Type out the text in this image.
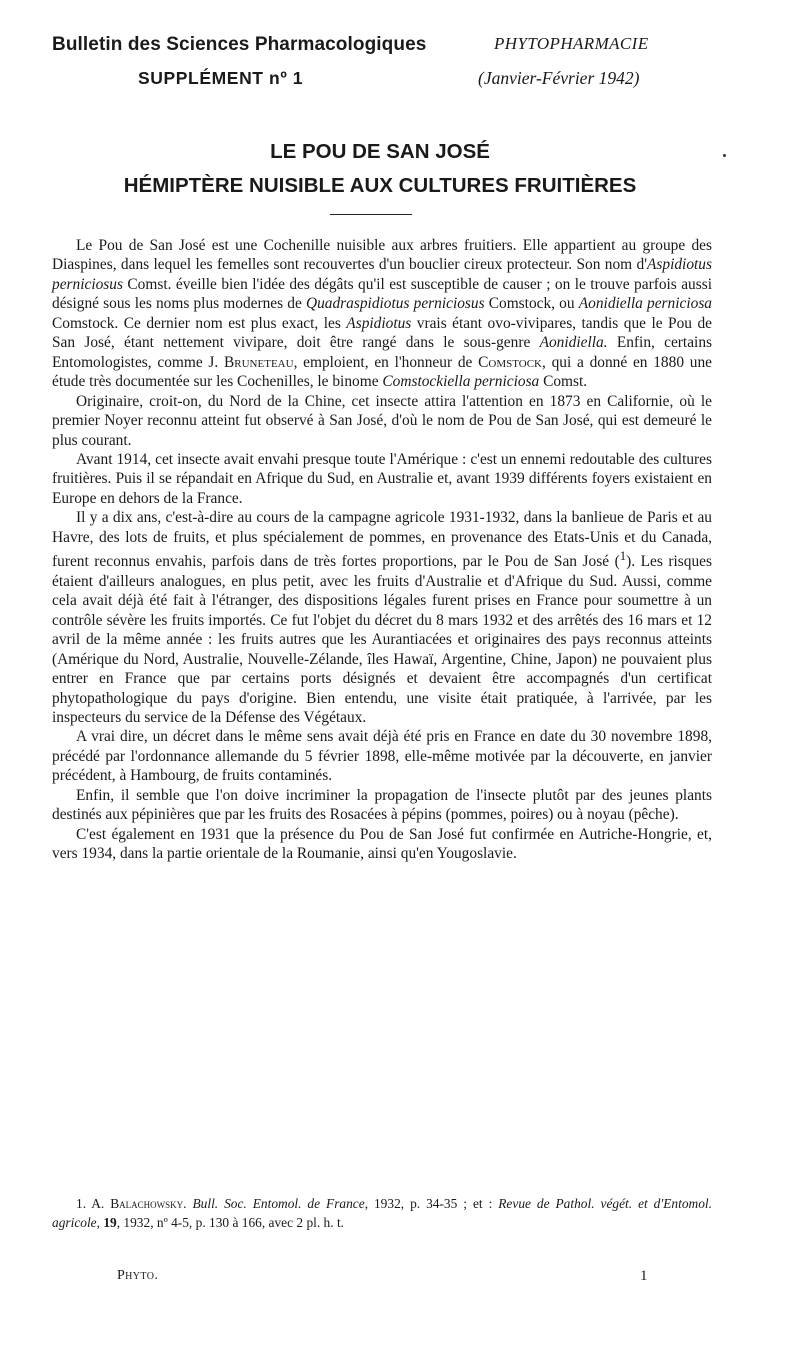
Bulletin des Sciences Pharmacologiques
SUPPLÉMENT nº 1
PHYTOPHARMACIE
(Janvier-Février 1942)
LE POU DE SAN JOSÉ
HÉMIPTÈRE NUISIBLE AUX CULTURES FRUITIÈRES

Le Pou de San José est une Cochenille nuisible aux arbres fruitiers. Elle appartient au groupe des Diaspines, dans lequel les femelles sont recouvertes d'un bouclier cireux protecteur. Son nom d'Aspidiotus perniciosus Comst. éveille bien l'idée des dégâts qu'il est susceptible de causer ; on le trouve parfois aussi désigné sous les noms plus modernes de Quadraspidiotus perniciosus Comstock, ou Aonidiella perniciosa Comstock. Ce dernier nom est plus exact, les Aspidiotus vrais étant ovo-vivipares, tandis que le Pou de San José, étant nettement vivipare, doit être rangé dans le sous-genre Aonidiella. Enfin, certains Entomologistes, comme J. Bruneteau, emploient, en l'honneur de Comstock, qui a donné en 1880 une étude très documentée sur les Cochenilles, le binome Comstockiella perniciosa Comst.

Originaire, croit-on, du Nord de la Chine, cet insecte attira l'attention en 1873 en Californie, où le premier Noyer reconnu atteint fut observé à San José, d'où le nom de Pou de San José, qui est demeuré le plus courant.

Avant 1914, cet insecte avait envahi presque toute l'Amérique : c'est un ennemi redoutable des cultures fruitières. Puis il se répandait en Afrique du Sud, en Australie et, avant 1939 différents foyers existaient en Europe en dehors de la France.

Il y a dix ans, c'est-à-dire au cours de la campagne agricole 1931-1932, dans la banlieue de Paris et au Havre, des lots de fruits, et plus spécialement de pommes, en provenance des Etats-Unis et du Canada, furent reconnus envahis, parfois dans de très fortes proportions, par le Pou de San José ($^1$). Les risques étaient d'ailleurs analogues, en plus petit, avec les fruits d'Australie et d'Afrique du Sud. Aussi, comme cela avait déjà été fait à l'étranger, des dispositions légales furent prises en France pour soumettre à un contrôle sévère les fruits importés. Ce fut l'objet du décret du 8 mars 1932 et des arrêtés des 16 mars et 12 avril de la même année : les fruits autres que les Aurantiacées et originaires des pays reconnus atteints (Amérique du Nord, Australie, Nouvelle-Zélande, îles Hawaï, Argentine, Chine, Japon) ne pouvaient plus entrer en France que par certains ports désignés et devaient être accompagnés d'un certificat phytopathologique du pays d'origine. Bien entendu, une visite était pratiquée, à l'arrivée, par les inspecteurs du service de la Défense des Végétaux.

A vrai dire, un décret dans le même sens avait déjà été pris en France en date du 30 novembre 1898, précédé par l'ordonnance allemande du 5 février 1898, elle-même motivée par la découverte, en janvier précédent, à Hambourg, de fruits contaminés.

Enfin, il semble que l'on doive incriminer la propagation de l'insecte plutôt par des jeunes plants destinés aux pépinières que par les fruits des Rosacées à pépins (pommes, poires) ou à noyau (pêche).

C'est également en 1931 que la présence du Pou de San José fut confirmée en Autriche-Hongrie, et, vers 1934, dans la partie orientale de la Roumanie, ainsi qu'en Yougoslavie.

1. A. Balachowsky. Bull. Soc. Entomol. de France, 1932, p. 34-35 ; et : Revue de Pathol. végét. et d'Entomol. agricole, 19, 1932, nº 4-5, p. 130 à 166, avec 2 pl. h. t.
Phyto.	1
